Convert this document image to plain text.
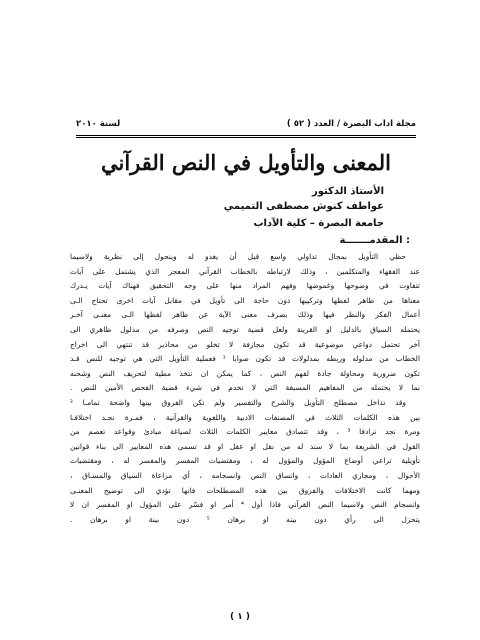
مجلة اداب البصرة / العدد ( ٥٢ )
لسنة ٢٠١٠
المعنى والتأويل في النص القرآني
الأستاذ الدكتور
عواطف كنوش مصطفى التميمي
جامعة البصرة – كلية الآداب
المقدمـــــــة :

حظي التأويل بمجال تداولي واسع قبل أن يغدو له وينحول إلى نظرية ولاسيما
عند الفقهاء والمتكلمين ، وذلك لارتباطه بالخطاب القرآني المعجز الذي يشتمل على آيات
تتفاوت في وضوحها وغموضها وفهم المراد منها على وجه التحقيق فهناك آيات يـدرك
معناها من ظاهر لفظها وتركيبها دون حاجة الى تأويل في مقابل آيات اخرى تحتاج الـى
أعمال الفكر والنظر فيها وذلك بصرف معنى الآية عن ظاهر لفظها الـى معنـى آخـر
يحتمله السياق بالدليل او القرينة ولعل قضية توجيه النص وصرفه من مدلول ظاهري الى
آخر تحتمل دواعي موضوعية قد تكون مجازفة لا تخلو من محاذير قد تنتهي الى اخراج
الخطاب من مدلوله وربطه بمدلولات قد تكون صوابا ¹ فعملية التأويل التي هي توجيه للنص قـد
تكون ضرورية ومحاولة جادة لفهم النص ، كما يمكن ان تتخذ مطية لتحريف النص وشحنه
بما لا يحتمله من المفاهيم المسبقة التي لا تخدم في شيء قضية الفحص الأمين للنص .

وقد تداخل مصطلح التأويل والشرح والتفسير ولم تكن الفروق بينها واضحة تمامـا ²
بين هذه الكلمات الثلاث في المصنفات الادبية واللغوية والقرآنية ، فمـرة نجـد اختلافـا
ومرة نجد ترادفا ³ ، وقد تتصادق معايير الكلمات الثلاث لصياغة مبادئ وقواعد تعصم من
القول في الشريعة بما لا سند له من نقل او عقل او قد تسمى هذه المعايير الى بناء قوانين
تأويلية تراعي أوضاع المؤول والمؤول له ، ومقتضيات المفسر والمفسر له ، ومقتضيات
الأحوال ، ومجاري العادات ، واتساق النص وانسجامه ، أي مراعاة السياق والمسـاق ،
ومهما كانت الاختلافات والفروق بين هذه المصطلحات فانها تؤدي الى توضيح المعنـى
وانسجام النص ولاسيما النص القرآني فاذا أول ⁴ أمر او فسّر على المؤول او المفسر ان لا
يتحزل الى رأي دون بينه او برهان ⁵ دون بينة او برهان .

( ١ )
